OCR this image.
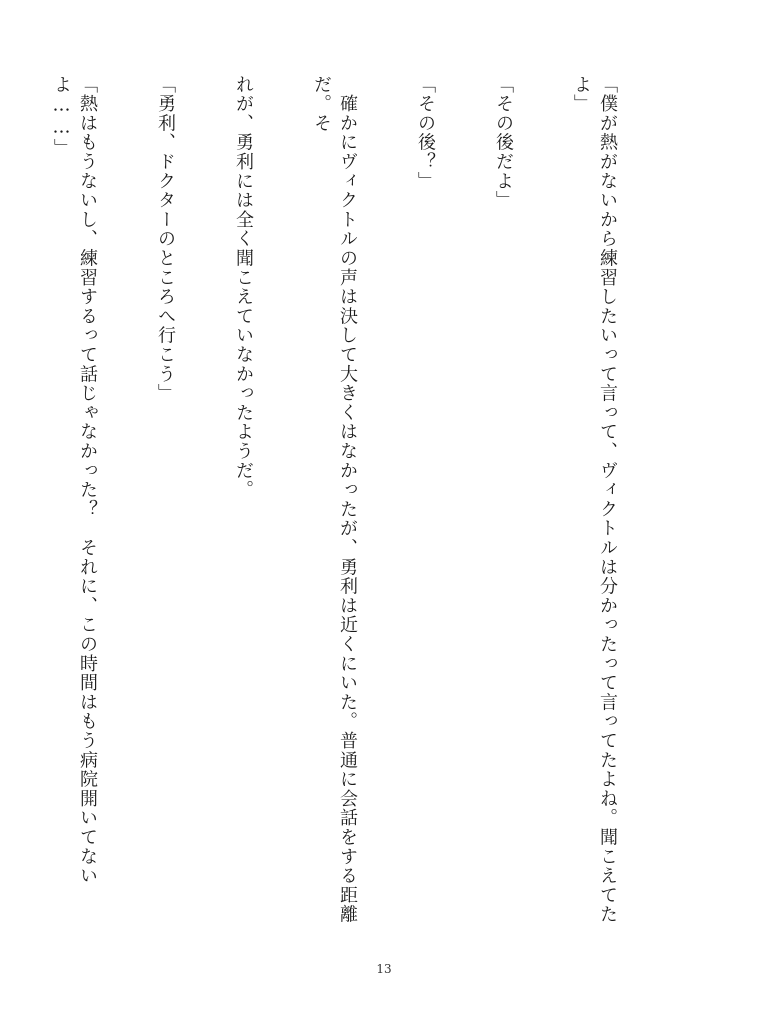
「僕が熱がないから練習したいって言って、ヴィクトルは分かったって言ってたよね。聞こえてたよ」

「その後だよ」

「その後？」

　確かにヴィクトルの声は決して大きくはなかったが、勇利は近くにいた。普通に会話をする距離だ。そ

れが、勇利には全く聞こえていなかったようだ。

「勇利、ドクターのところへ行こう」

「熱はもうないし、練習するって話じゃなかった？　それに、この時間はもう病院開いてないよ……」

13
